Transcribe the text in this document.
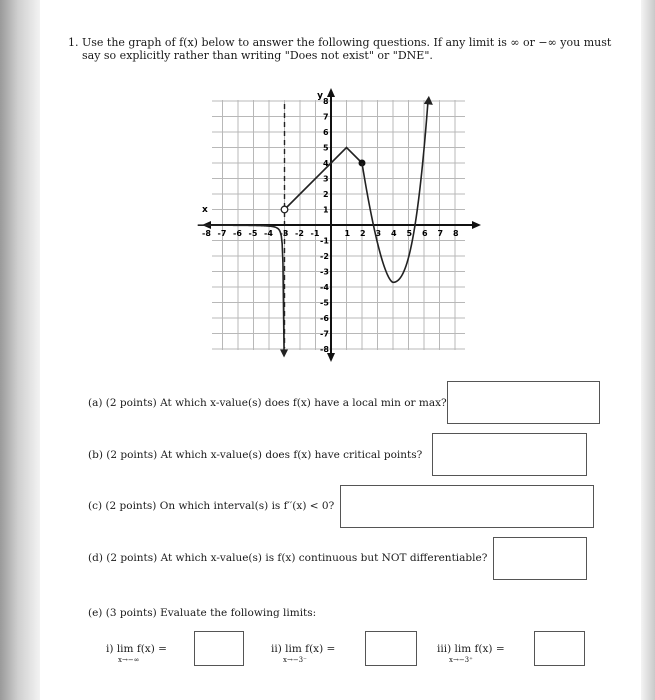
1. Use the graph of f(x) below to answer the following questions. If any limit is ∞ or −∞ you must say so explicitly rather than writing "Does not exist" or "DNE".
y
x
-8 -7 -6 -5 -4 -3 -2 -1	1 2 3 4 5 6 7 8
8
7
6
5
4
3
2
1
-1
-2
-3
-4
-5
-6
-7
-8
(a) (2 points) At which x-value(s) does f(x) have a local min or max?
(b) (2 points) At which x-value(s) does f(x) have critical points?
(c) (2 points) On which interval(s) is f′′(x) < 0?
(d) (2 points) At which x-value(s) is f(x) continuous but NOT differentiable?
(e) (3 points) Evaluate the following limits:
i) lim f(x) =
x→−∞
ii) lim f(x) =
x→−3⁻
iii) lim f(x) =
x→−3⁺
